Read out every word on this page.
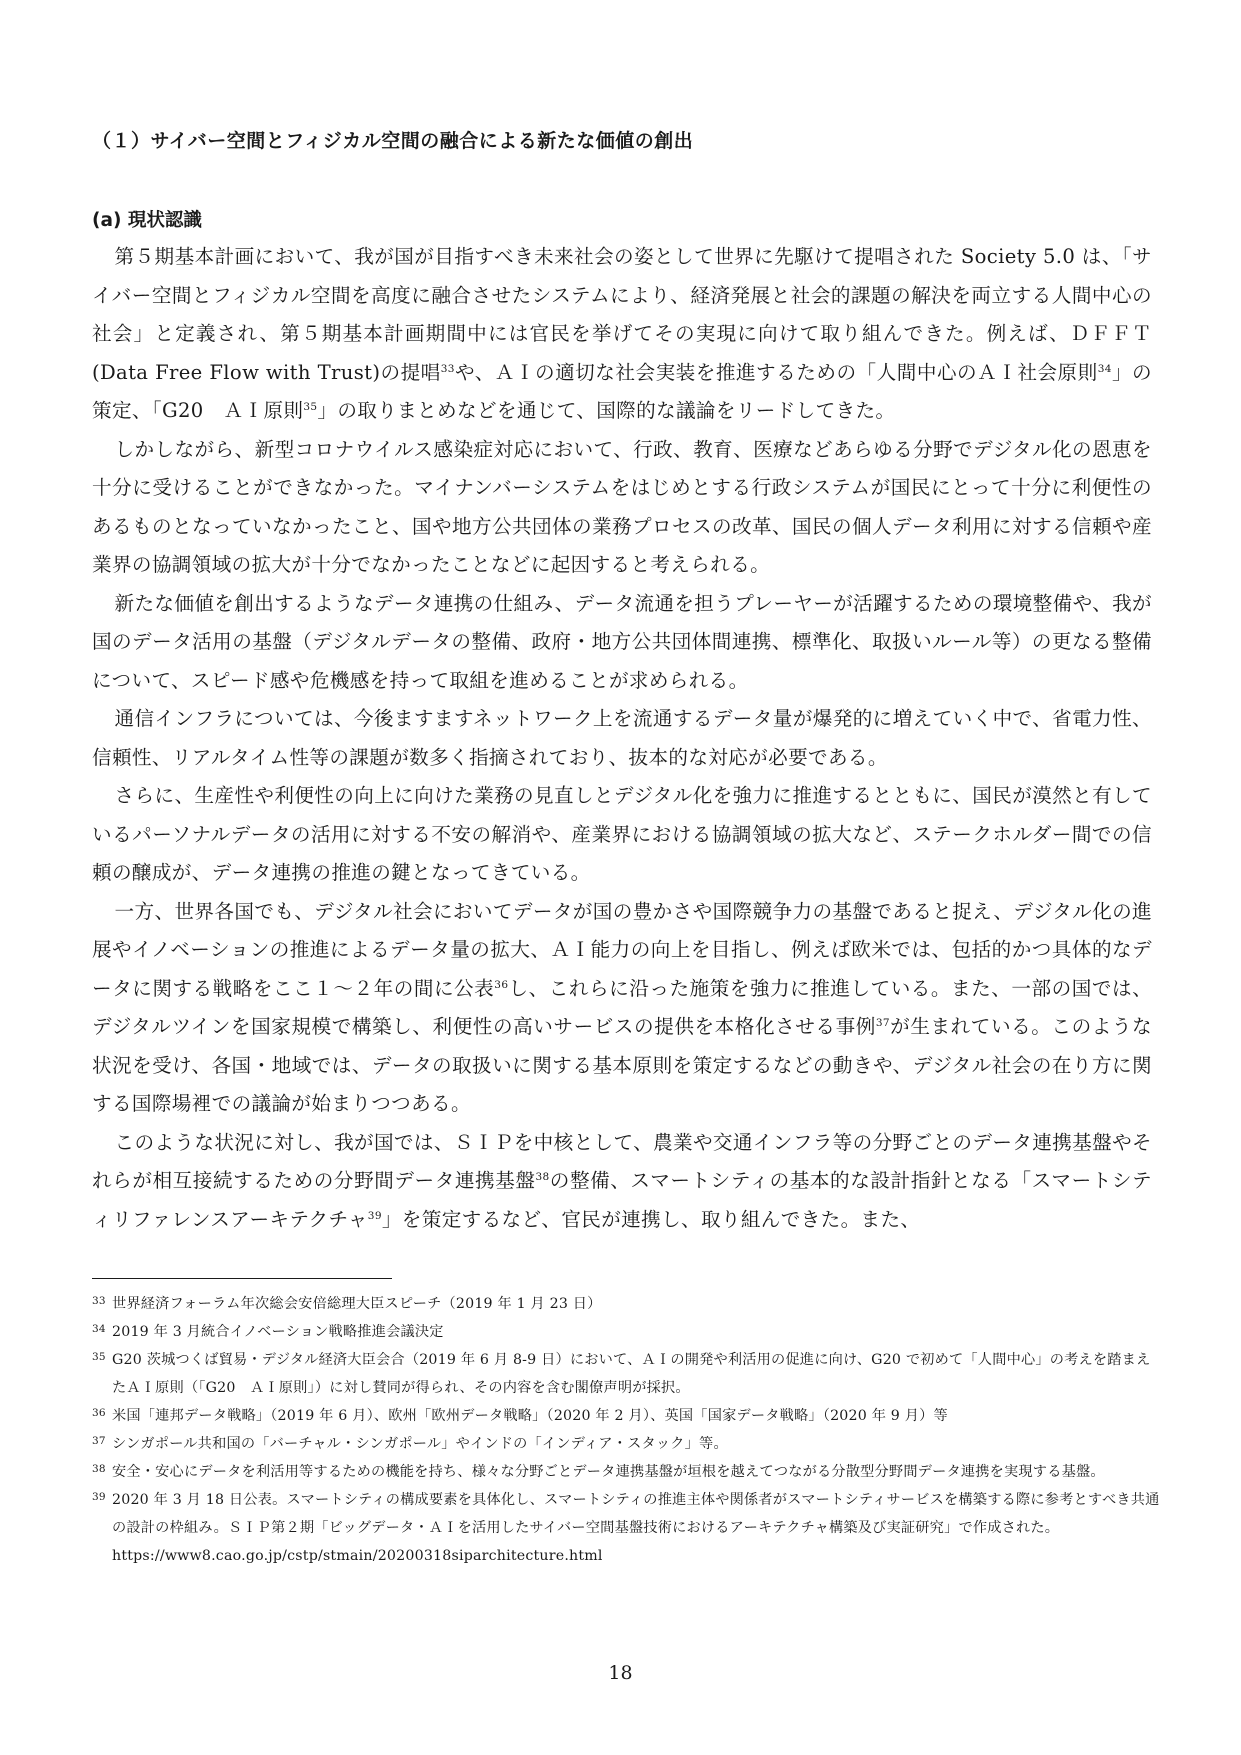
（１）サイバー空間とフィジカル空間の融合による新たな価値の創出
(a) 現状認識

第５期基本計画において、我が国が目指すべき未来社会の姿として世界に先駆けて提唱された Society 5.0 は、「サイバー空間とフィジカル空間を高度に融合させたシステムにより、経済発展と社会的課題の解決を両立する人間中心の社会」と定義され、第５期基本計画期間中には官民を挙げてその実現に向けて取り組んできた。例えば、ＤＦＦＴ(Data Free Flow with Trust)の提唱$^{33}$や、ＡＩの適切な社会実装を推進するための「人間中心のＡＩ社会原則$^{34}$」の策定、「G20　ＡＩ原則$^{35}$」の取りまとめなどを通じて、国際的な議論をリードしてきた。

しかしながら、新型コロナウイルス感染症対応において、行政、教育、医療などあらゆる分野でデジタル化の恩恵を十分に受けることができなかった。マイナンバーシステムをはじめとする行政システムが国民にとって十分に利便性のあるものとなっていなかったこと、国や地方公共団体の業務プロセスの改革、国民の個人データ利用に対する信頼や産業界の協調領域の拡大が十分でなかったことなどに起因すると考えられる。

新たな価値を創出するようなデータ連携の仕組み、データ流通を担うプレーヤーが活躍するための環境整備や、我が国のデータ活用の基盤（デジタルデータの整備、政府・地方公共団体間連携、標準化、取扱いルール等）の更なる整備について、スピード感や危機感を持って取組を進めることが求められる。

通信インフラについては、今後ますますネットワーク上を流通するデータ量が爆発的に増えていく中で、省電力性、信頼性、リアルタイム性等の課題が数多く指摘されており、抜本的な対応が必要である。

さらに、生産性や利便性の向上に向けた業務の見直しとデジタル化を強力に推進するとともに、国民が漠然と有しているパーソナルデータの活用に対する不安の解消や、産業界における協調領域の拡大など、ステークホルダー間での信頼の醸成が、データ連携の推進の鍵となってきている。

一方、世界各国でも、デジタル社会においてデータが国の豊かさや国際競争力の基盤であると捉え、デジタル化の進展やイノベーションの推進によるデータ量の拡大、ＡＩ能力の向上を目指し、例えば欧米では、包括的かつ具体的なデータに関する戦略をここ１～２年の間に公表$^{36}$し、これらに沿った施策を強力に推進している。また、一部の国では、デジタルツインを国家規模で構築し、利便性の高いサービスの提供を本格化させる事例$^{37}$が生まれている。このような状況を受け、各国・地域では、データの取扱いに関する基本原則を策定するなどの動きや、デジタル社会の在り方に関する国際場裡での議論が始まりつつある。

このような状況に対し、我が国では、ＳＩＰを中核として、農業や交通インフラ等の分野ごとのデータ連携基盤やそれらが相互接続するための分野間データ連携基盤$^{38}$の整備、スマートシティの基本的な設計指針となる「スマートシティリファレンスアーキテクチャ$^{39}$」を策定するなど、官民が連携し、取り組んできた。また、

33 世界経済フォーラム年次総会安倍総理大臣スピーチ（2019 年 1 月 23 日）
34 2019 年 3 月統合イノベーション戦略推進会議決定
35 G20 茨城つくば貿易・デジタル経済大臣会合（2019 年 6 月 8-9 日）において、ＡＩの開発や利活用の促進に向け、G20 で初めて「人間中心」の考えを踏まえたＡＩ原則（「G20　ＡＩ原則」）に対し賛同が得られ、その内容を含む閣僚声明が採択。
36 米国「連邦データ戦略」（2019 年 6 月）、欧州「欧州データ戦略」（2020 年 2 月）、英国「国家データ戦略」（2020 年 9 月）等
37 シンガポール共和国の「バーチャル・シンガポール」やインドの「インディア・スタック」等。
38 安全・安心にデータを利活用等するための機能を持ち、様々な分野ごとデータ連携基盤が垣根を越えてつながる分散型分野間データ連携を実現する基盤。
39 2020 年 3 月 18 日公表。スマートシティの構成要素を具体化し、スマートシティの推進主体や関係者がスマートシティサービスを構築する際に参考とすべき共通の設計の枠組み。ＳＩＰ第２期「ビッグデータ・ＡＩを活用したサイバー空間基盤技術におけるアーキテクチャ構築及び実証研究」で作成された。　https://www8.cao.go.jp/cstp/stmain/20200318siparchitecture.html
18
